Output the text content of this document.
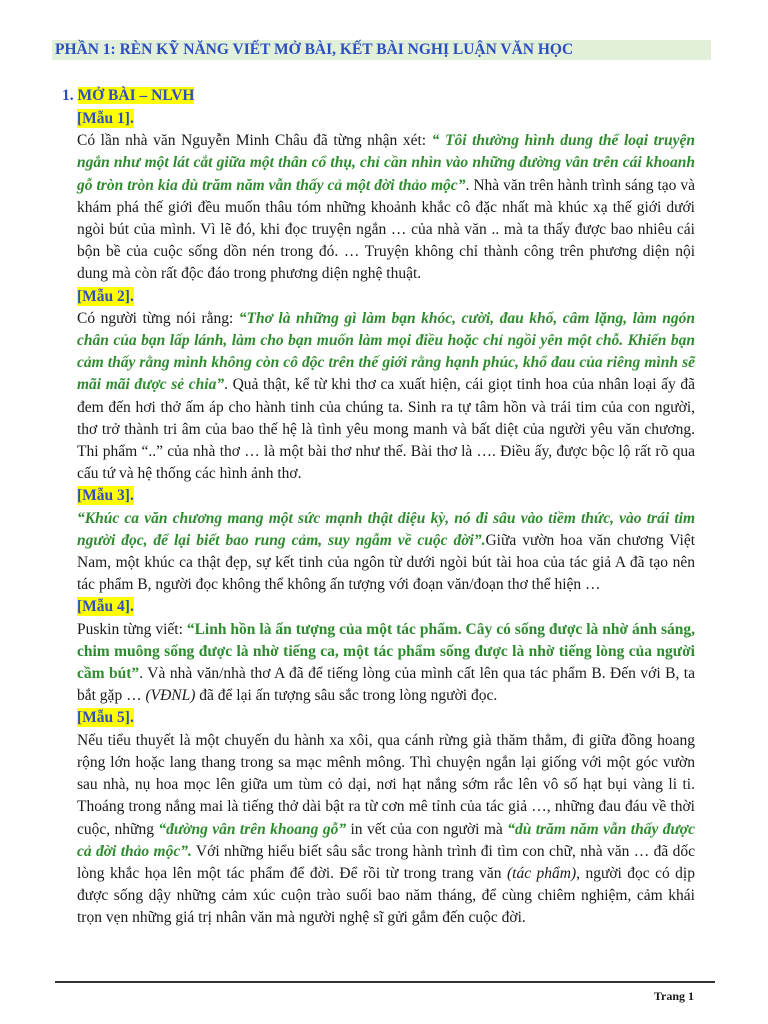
PHẦN 1: RÈN KỸ NĂNG VIẾT MỞ BÀI, KẾT BÀI NGHỊ LUẬN VĂN HỌC
1. MỞ BÀI – NLVH
[Mẫu 1].

Có lần nhà văn Nguyễn Minh Châu đã từng nhận xét: “ Tôi thường hình dung thể loại truyện ngắn như một lát cắt giữa một thân cổ thụ, chỉ cần nhìn vào những đường vân trên cái khoanh gỗ tròn tròn kia dù trăm năm vẫn thấy cả một đời thảo mộc”. Nhà văn trên hành trình sáng tạo và khám phá thế giới đều muốn thâu tóm những khoảnh khắc cô đặc nhất mà khúc xạ thế giới dưới ngòi bút của mình. Vì lẽ đó, khi đọc truyện ngắn … của nhà văn .. mà ta thấy được bao nhiêu cái bộn bề của cuộc sống dồn nén trong đó. … Truyện không chỉ thành công trên phương diện nội dung mà còn rất độc đáo trong phương diện nghệ thuật.

[Mẫu 2].

Có người từng nói rằng: “Thơ là những gì làm bạn khóc, cười, đau khổ, câm lặng, làm ngón chân của bạn lấp lánh, làm cho bạn muốn làm mọi điều hoặc chỉ ngồi yên một chỗ. Khiến bạn cảm thấy rằng mình không còn cô độc trên thế giới rằng hạnh phúc, khổ đau của riêng mình sẽ mãi mãi được sẻ chia”. Quả thật, kể từ khi thơ ca xuất hiện, cái giọt tinh hoa của nhân loại ấy đã đem đến hơi thở ấm áp cho hành tinh của chúng ta. Sinh ra tự tâm hồn và trái tim của con người, thơ trở thành tri âm của bao thế hệ là tình yêu mong manh và bất diệt của người yêu văn chương. Thi phẩm “..” của nhà thơ … là một bài thơ như thế. Bài thơ là …. Điều ấy, được bộc lộ rất rõ qua cấu tứ và hệ thống các hình ảnh thơ.

[Mẫu 3].

“Khúc ca văn chương mang một sức mạnh thật diệu kỳ, nó đi sâu vào tiềm thức, vào trái tim người đọc, để lại biết bao rung cảm, suy ngẫm về cuộc đời”.Giữa vườn hoa văn chương Việt Nam, một khúc ca thật đẹp, sự kết tinh của ngôn từ dưới ngòi bút tài hoa của tác giả A đã tạo nên tác phẩm B, người đọc không thể không ấn tượng với đoạn văn/đoạn thơ thể hiện …

[Mẫu 4].

Puskin từng viết: “Linh hồn là ấn tượng của một tác phẩm. Cây có sống được là nhờ ánh sáng, chim muông sống được là nhờ tiếng ca, một tác phẩm sống được là nhờ tiếng lòng của người cầm bút”. Và nhà văn/nhà thơ A đã để tiếng lòng của mình cất lên qua tác phẩm B. Đến với B, ta bắt gặp … (VĐNL) đã để lại ấn tượng sâu sắc trong lòng người đọc.

[Mẫu 5].

Nếu tiểu thuyết là một chuyến du hành xa xôi, qua cánh rừng già thăm thẳm, đi giữa đồng hoang rộng lớn hoặc lang thang trong sa mạc mênh mông. Thì chuyện ngắn lại giống với một góc vườn sau nhà, nụ hoa mọc lên giữa um tùm cỏ dại, nơi hạt nắng sớm rắc lên vô số hạt bụi vàng li ti. Thoáng trong nắng mai là tiếng thở dài bật ra từ cơn mê tỉnh của tác giả …, những đau đáu về thời cuộc, những “đường vân trên khoang gỗ” in vết của con người mà “dù trăm năm vẫn thấy được cả đời thảo mộc”. Với những hiểu biết sâu sắc trong hành trình đi tìm con chữ, nhà văn … đã dốc lòng khắc họa lên một tác phẩm để đời. Để rồi từ trong trang văn (tác phẩm), người đọc có dịp được sống dậy những cảm xúc cuộn trào suối bao năm tháng, để cùng chiêm nghiệm, cảm khái trọn vẹn những giá trị nhân văn mà người nghệ sĩ gửi gắm đến cuộc đời.

Trang 1
